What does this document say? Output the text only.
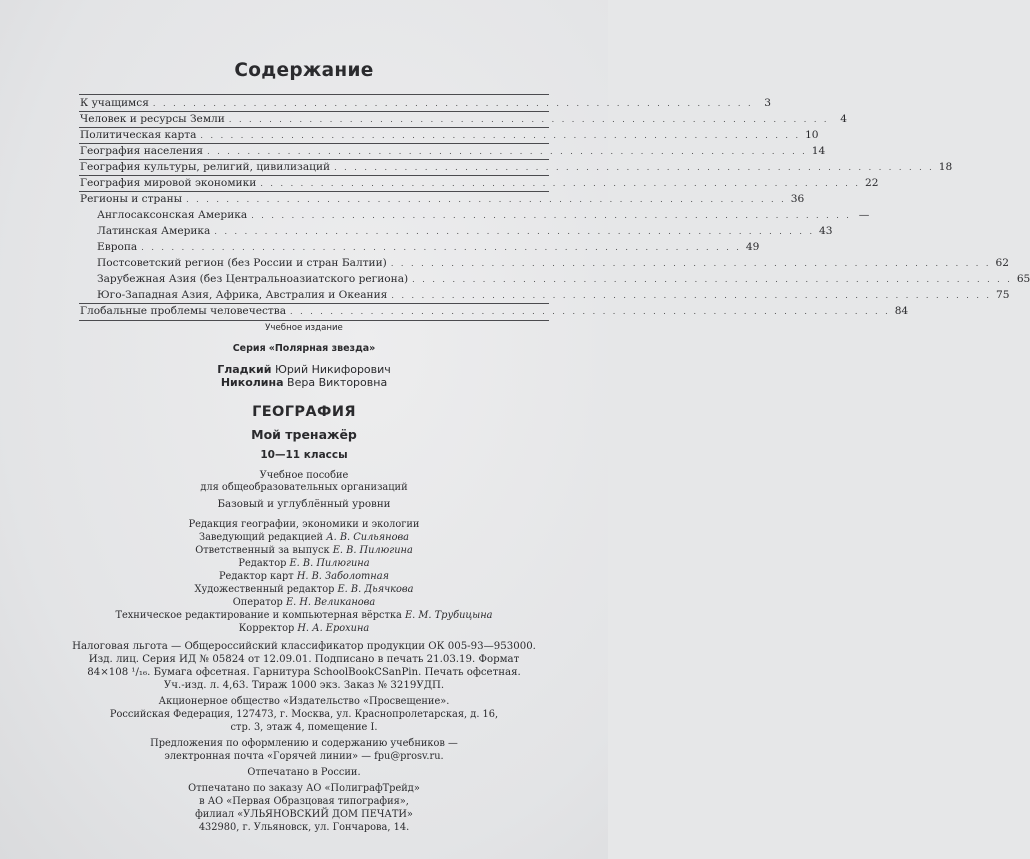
Содержание
К учащимся . . . . . . . . . . . . . . . . . . . . . . . . . . . . . . . . . . . . . . . . . . . . . . . . . . . . . . . . . . . .	3
Человек и ресурсы Земли . . . . . . . . . . . . . . . . . . . . . . . . . . . . . . . . . . . . . . . . . . . . . . . . . . . . . . . . . . . .	4
Политическая карта . . . . . . . . . . . . . . . . . . . . . . . . . . . . . . . . . . . . . . . . . . . . . . . . . . . . . . . . . . . . 10
География населения . . . . . . . . . . . . . . . . . . . . . . . . . . . . . . . . . . . . . . . . . . . . . . . . . . . . . . . . . . . . 14
География культуры, религий, цивилизаций . . . . . . . . . . . . . . . . . . . . . . . . . . . . . . . . . . . . . . . . . . . . . . . . . . . . . . . . . . . . 18
География мировой экономики . . . . . . . . . . . . . . . . . . . . . . . . . . . . . . . . . . . . . . . . . . . . . . . . . . . . . . . . . . . . 22
Регионы и страны . . . . . . . . . . . . . . . . . . . . . . . . . . . . . . . . . . . . . . . . . . . . . . . . . . . . . . . . . . . . 36
Англосаксонская Америка . . . . . . . . . . . . . . . . . . . . . . . . . . . . . . . . . . . . . . . . . . . . . . . . . . . . . . . . . . . . —
Латинская Америка . . . . . . . . . . . . . . . . . . . . . . . . . . . . . . . . . . . . . . . . . . . . . . . . . . . . . . . . . . . . 43
Европа . . . . . . . . . . . . . . . . . . . . . . . . . . . . . . . . . . . . . . . . . . . . . . . . . . . . . . . . . . . . 49
Постсоветский регион (без России и стран Балтии) . . . . . . . . . . . . . . . . . . . . . . . . . . . . . . . . . . . . . . . . . . . . . . . . . . . . . . . . . . . . 62
Зарубежная Азия (без Центральноазиатского региона) . . . . . . . . . . . . . . . . . . . . . . . . . . . . . . . . . . . . . . . . . . . . . . . . . . . . . . . . . . . . 65
Юго-Западная Азия, Африка, Австралия и Океания . . . . . . . . . . . . . . . . . . . . . . . . . . . . . . . . . . . . . . . . . . . . . . . . . . . . . . . . . . . . 75
Глобальные проблемы человечества . . . . . . . . . . . . . . . . . . . . . . . . . . . . . . . . . . . . . . . . . . . . . . . . . . . . . . . . . . . . 84
Учебное издание
Серия «Полярная звезда»
Гладкий Юрий Никифорович
Николина Вера Викторовна
ГЕОГРАФИЯ
Мой тренажёр
10—11 классы
Учебное пособие
для общеобразовательных организаций
Базовый и углублённый уровни
Редакция географии, экономики и экологии
Заведующий редакцией А. В. Сильянова
Ответственный за выпуск Е. В. Пилюгина
Редактор Е. В. Пилюгина
Редактор карт Н. В. Заболотная
Художественный редактор Е. В. Дьячкова
Оператор Е. Н. Великанова
Техническое редактирование и компьютерная вёрстка Е. М. Трубицына
Корректор Н. А. Ерохина
Налоговая льгота — Общероссийский классификатор продукции ОК 005-93—953000.
Изд. лиц. Серия ИД № 05824 от 12.09.01. Подписано в печать 21.03.19. Формат
84×108 ¹/₁₆. Бумага офсетная. Гарнитура SchoolBookCSanPin. Печать офсетная.
Уч.-изд. л. 4,63. Тираж 1000 экз. Заказ № 3219УДП.
Акционерное общество «Издательство «Просвещение».
Российская Федерация, 127473, г. Москва, ул. Краснопролетарская, д. 16,
стр. 3, этаж 4, помещение I.
Предложения по оформлению и содержанию учебников —
электронная почта «Горячей линии» — fpu@prosv.ru.
Отпечатано в России.
Отпечатано по заказу АО «ПолиграфТрейд»
в АО «Первая Образцовая типография»,
филиал «УЛЬЯНОВСКИЙ ДОМ ПЕЧАТИ»
432980, г. Ульяновск, ул. Гончарова, 14.
